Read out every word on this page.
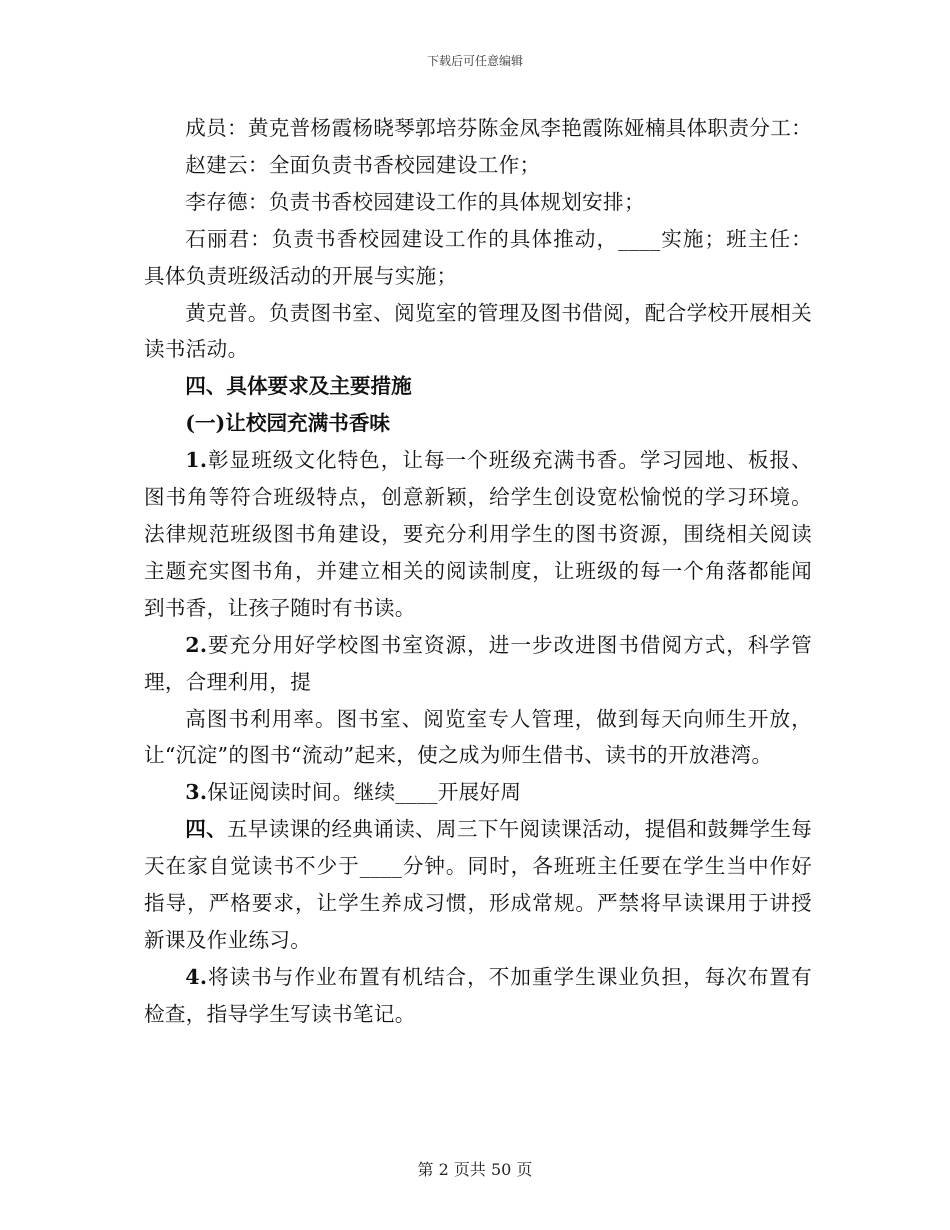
下载后可任意编辑

成员：黄克普杨霞杨晓琴郭培芬陈金凤李艳霞陈娅楠具体职责分工：

赵建云：全面负责书香校园建设工作；

李存德：负责书香校园建设工作的具体规划安排；

石丽君：负责书香校园建设工作的具体推动，____实施；班主任：具体负责班级活动的开展与实施；

黄克普。负责图书室、阅览室的管理及图书借阅，配合学校开展相关读书活动。

四、具体要求及主要措施

(一)让校园充满书香味

1.彰显班级文化特色，让每一个班级充满书香。学习园地、板报、图书角等符合班级特点，创意新颖，给学生创设宽松愉悦的学习环境。法律规范班级图书角建设，要充分利用学生的图书资源，围绕相关阅读主题充实图书角，并建立相关的阅读制度，让班级的每一个角落都能闻到书香，让孩子随时有书读。

2.要充分用好学校图书室资源，进一步改进图书借阅方式，科学管理，合理利用，提

高图书利用率。图书室、阅览室专人管理，做到每天向师生开放，让“沉淀”的图书“流动”起来，使之成为师生借书、读书的开放港湾。

3.保证阅读时间。继续____开展好周

四、五早读课的经典诵读、周三下午阅读课活动，提倡和鼓舞学生每天在家自觉读书不少于____分钟。同时，各班班主任要在学生当中作好指导，严格要求，让学生养成习惯，形成常规。严禁将早读课用于讲授新课及作业练习。

4.将读书与作业布置有机结合，不加重学生课业负担，每次布置有检查，指导学生写读书笔记。

第 2 页共 50 页
